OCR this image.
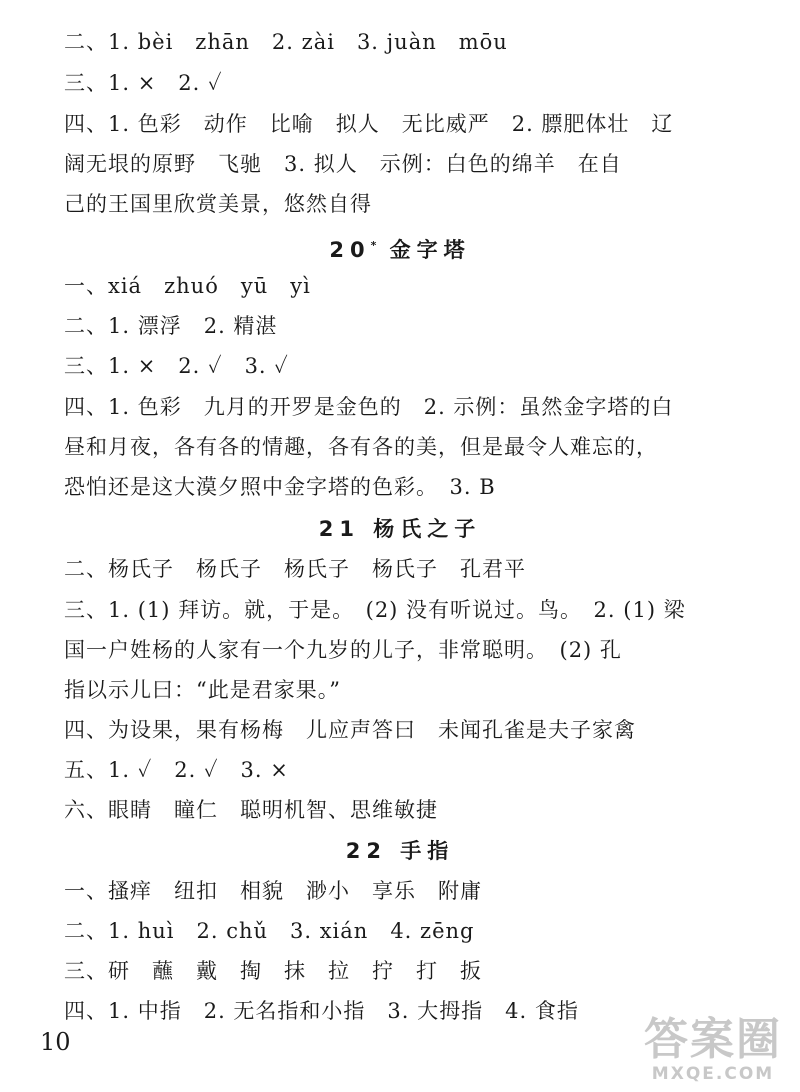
二、1. bèi　zhān　2. zài　3. juàn　mōu
三、1. ×　2. ✓
四、1. 色彩　动作　比喻　拟人　无比威严　2. 膘肥体壮　辽
阔无垠的原野　飞驰　3. 拟人　示例：白色的绵羊　在自
己的王国里欣赏美景，悠然自得
20* 金字塔
一、xiá　zhuó　yū　yì
二、1. 漂浮　2. 精湛
三、1. ×　2. ✓　3. ✓
四、1. 色彩　九月的开罗是金色的　2. 示例：虽然金字塔的白
昼和月夜，各有各的情趣，各有各的美，但是最令人难忘的，
恐怕还是这大漠夕照中金字塔的色彩。　3. B
21 杨氏之子
二、杨氏子　杨氏子　杨氏子　杨氏子　孔君平
三、1. (1) 拜访。就，于是。　(2) 没有听说过。鸟。　2. (1) 梁
国一户姓杨的人家有一个九岁的儿子，非常聪明。　(2) 孔
指以示儿曰：“此是君家果。”
四、为设果，果有杨梅　儿应声答曰　未闻孔雀是夫子家禽
五、1. ✓　2. ✓　3. ×
六、眼睛　瞳仁　聪明机智、思维敏捷
22 手指
一、搔痒　纽扣　相貌　渺小　享乐　附庸
二、1. huì　2. chǔ　3. xián　4. zēng
三、研　蘸　戴　掏　抹　拉　拧　打　扳
四、1. 中指　2. 无名指和小指　3. 大拇指　4. 食指
10	答案圈
MXQE.COM
